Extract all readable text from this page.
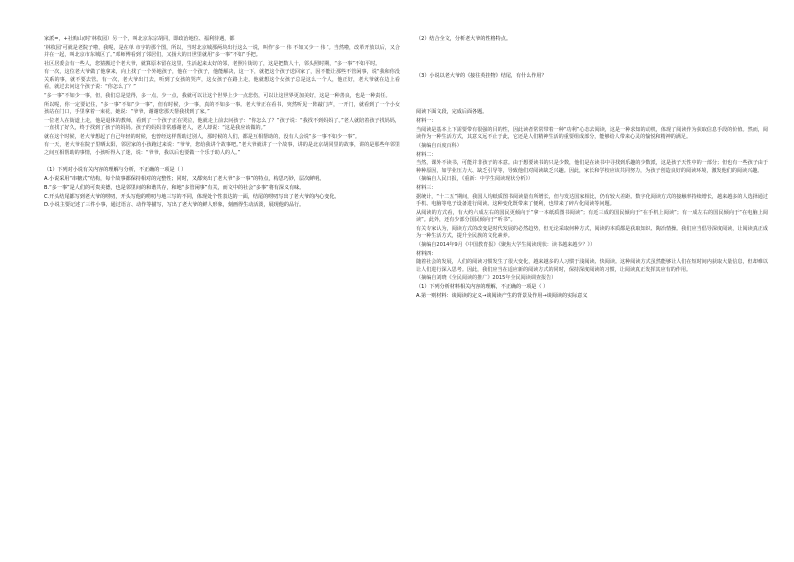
家派=，+社购山(时‘林枚园）另一个，叫北京东宗胡同，即政治地位、福利待遇，都

’林枚园’可就是老院子啦，我呢，是在单 市宇的那个图，所以，当时北京城那两块出行这么一说，叫作‘多一 伟 不如又少一 伟 ’。当然啦，改革开放以后，又合并在一起，叫北京市东城区了。”邓师傅看到了邻居们，又扬大的日世里就用“多一事”不如“手把。

社区居委会有一些人，您猜搬过个老大爷，就算原本留在这里，生活起来太好的邻，老照片街坊了，这是把数人十，邻头照时期，“多一事”不如平时。

有一次，这位老大爷做了他拿来，向上找了一个外地孩子，他在一个孩子，他能解决，这一下，就把这个孩子送回家了，因不能让那些不管闲事，说“我和你没关系的事，就不要去管。有一次，老大爷出门去，听到了女孩的哭声，这女孩子在路上走，他就想这个女孩子总是这么一个人，他正好，老大爷就在边上看看，就过去问这个孩子说：“你怎么了？”

“多一事”不如少一事，但，我们总是觉得，多一点，少一点，我就可以让这个世界上少一点悲伤，可以让这世界更加美好，这是一种善良，也是一种责任。

所以呢，你一定要记住，“多一事”不如“少一事”，但有时候，少一事，真的不如多一事。老大爷正在看书，突然听见一阵敲门声，一开门，就看到了一个小女孩站在门口，手里拿着一束花，她说：“爷爷，谢谢您那天帮我找到了家。”

一位老人在街道上走，他是退休的教师，看到了一个孩子正在哭泣，他就走上前去问孩子：“你怎么了？”孩子说：“我找不到妈妈了。”老人就陪着孩子找妈妈，一直找了好久，终于找到了孩子的妈妈。孩子的妈妈非常感谢老人，老人却说：“这是我应该做的。”

就在这个时候，老大爷想起了自己年轻的时候，也曾经这样帮助过别人，那时候的人们，都是互相帮助的，没有人会说“多一事不如少一事”。

有一天，老大爷在院子里晒太阳，邻居家的小孩跑过来说：“爷爷，您给我讲个故事吧。”老大爷就讲了一个故事，讲的是北京胡同里的故事，讲的是那些年邻里之间互相帮助的事情，小孩听得入了迷，说：“爷爷，我以后也要做一个乐于助人的人。”

（1）下列对小说有关内容的理解与分析，不正确的一项是（ ）

A.小说采用“串糖式”结构，每个故事都保持相对的完整性；同时，又都突出了老大爷“多一事”的特点，构思巧妙，层次鲜明。

B.“多一事”是人们的可贵美德，也是邻里间的和谐共存，和地“多管闲事”有关，而文中的社会“多事”将有深义有味。

C.开头结尾都写到老大爷的唠叨，开头写他的唠叨与地三写的不同，体现处个性表达的一面，结尾的唠叨写出了老大爷的内心变化。

D.小说主要记述了三件小事，通过语言、动作等描写，写出了老大爷的鲜人形象，刻画得生动活泼，展现他的品行。

（2）结合全文，分析老大爷的性格特点。

（3）小说以老大爷的《接往英挂物》结尾，有什么作用？

阅读下面文段，完成后面各题。

材料一：

当阅读是基本上下需要带有很强的目的性，因此读者常常带着一种“功利”心态去阅读，这是一种求知的动机，体现了阅读作为获取信息手段的价值。然而，阅读作为一种生活方式，其意义远不止于此，它还是人们精神生活的重要组成部分，能够给人带来心灵的愉悦和精神的满足。

（摘编自百度百科）

材料二：

当然，课外不读书，可能并非孩子的本意。由于想要读书的只是少数，他们是在读书中寻找到乐趣的少数派，这是孩子天性中的一部分；但也有一些孩子由于种种原因，如学业压力大、缺乏引导等，导致他们对阅读缺乏兴趣。因此，家长和学校应该共同努力，为孩子创造良好的阅读环境，激发他们的阅读兴趣。

（摘编自人民日报，《重新：中学生阅读现状分析》）

材料三：

据统计，“十二五”期间，我国人均纸质图书阅读量有所增长，但与发达国家相比，仍有较大差距。数字化阅读方式的接触率持续增长，越来越多的人选择通过手机、电脑等电子设备进行阅读。这种变化既带来了便利，也带来了碎片化阅读等问题。

从阅读的方式看，有大约六成左右的国民更倾向于“拿一本纸质图书阅读”；有近三成的国民倾向于“在手机上阅读”；有一成左右的国民倾向于“在电脑上阅读”。此外，还有少部分国民倾向于“听书”。

有关专家认为，阅读方式的改变是时代发展的必然趋势，但无论采取何种方式，阅读的本质都是获取知识、陶冶情操。我们应当倡导深度阅读，让阅读真正成为一种生活方式，提升全民族的文化素养。

（摘编自2014年9月《中国教育报》《聚焦大学生阅读现状：读书越来越少？》）

材料四：

随着社会的发展，人们的阅读习惯发生了很大变化，越来越多的人习惯于浅阅读、快阅读。这种阅读方式虽然能够让人们在短时间内获取大量信息，但却难以让人们进行深入思考。因此，我们应当在适应新的阅读方式的同时，保持深度阅读的习惯，让阅读真正发挥其应有的作用。

（摘编自刘晓《全民阅读的推广》2015年全民阅读调查报告）

（1）下列分析材料相关内容的理解，不正确的一项是（ ）

A.第一则材料：谈阅读的定义→谈阅读产生的背景及作用→谈阅读的实际意义
